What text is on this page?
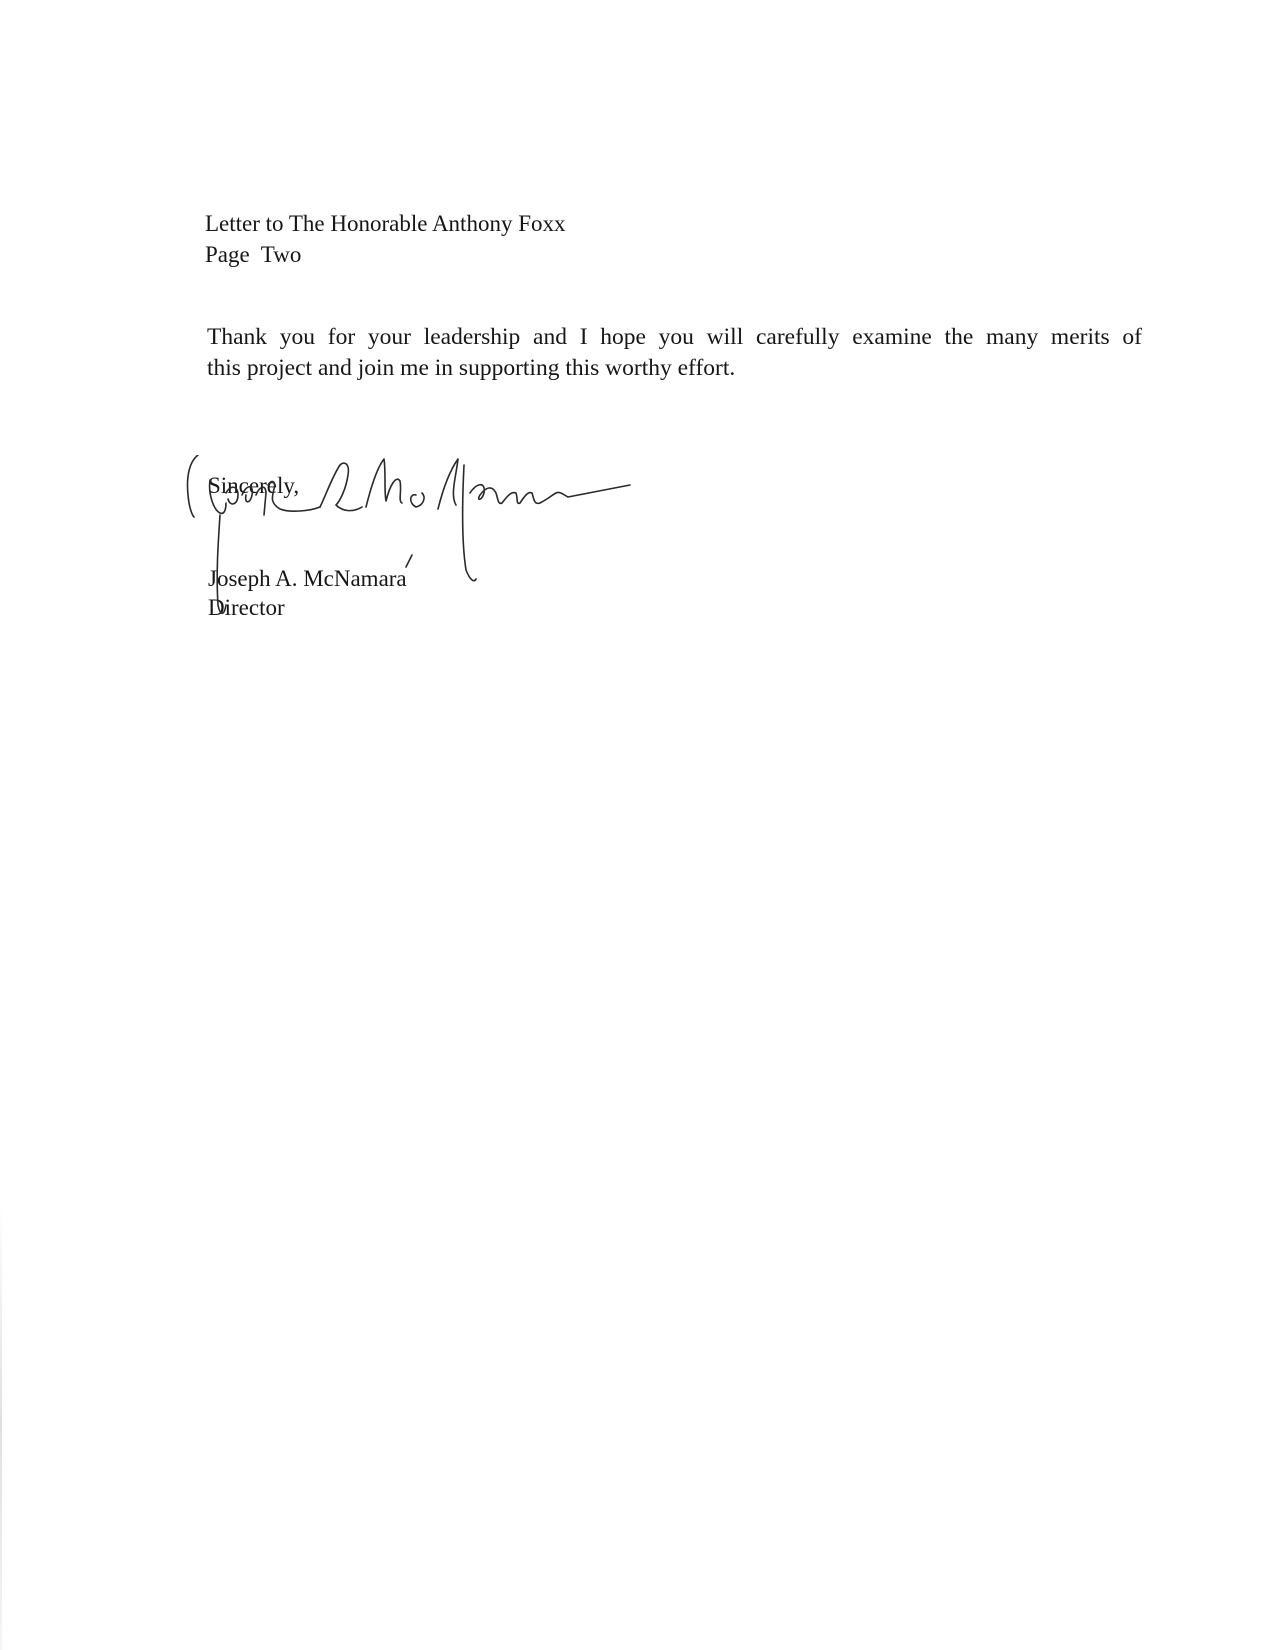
Letter to The Honorable Anthony Foxx
Page  Two
Thank you for your leadership and I hope you will carefully examine the many merits of
this project and join me in supporting this worthy effort.
Sincerely,
Joseph A. McNamara
Director
